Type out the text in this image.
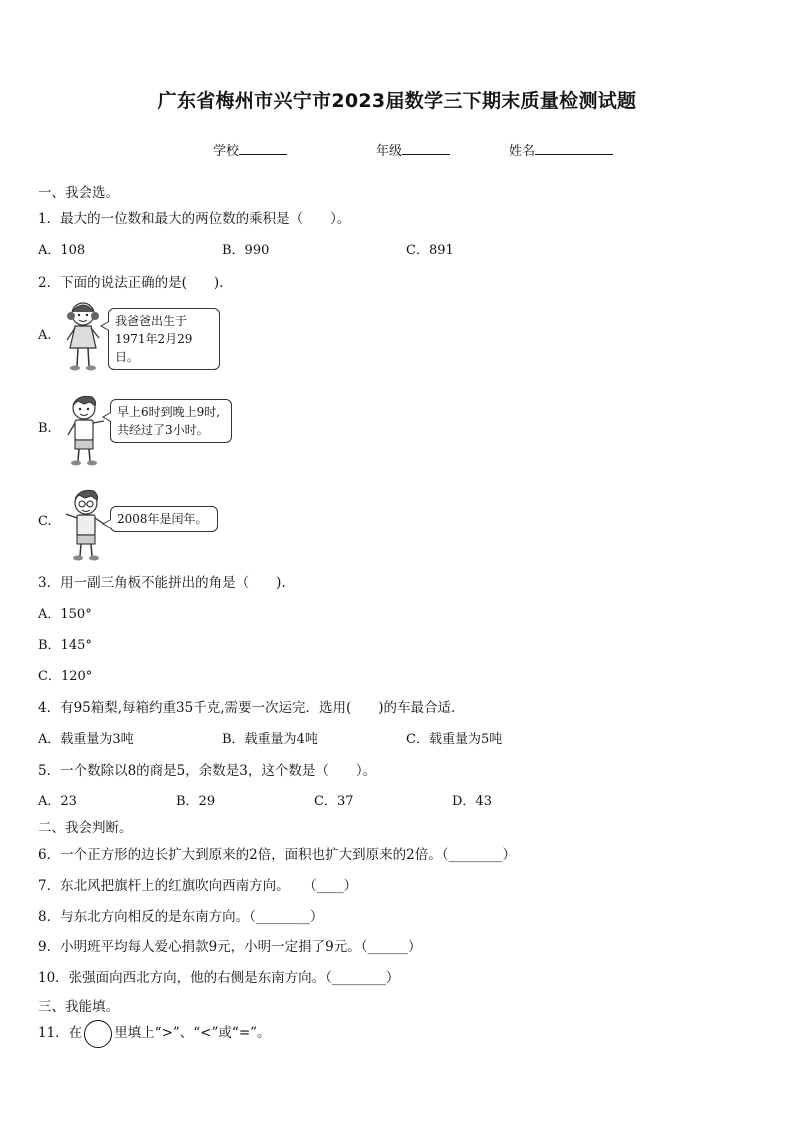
广东省梅州市兴宁市2023届数学三下期末质量检测试题
学校	年级	姓名
一、我会选。
1．最大的一位数和最大的两位数的乘积是（　　）。
A．108	B．990	C．891
2．下面的说法正确的是(　　).
A.
我爸爸出生于
1971年2月29日。
B.
早上6时到晚上9时,
共经过了3小时。
C.	2008年是闰年。
3．用一副三角板不能拼出的角是（　　).
A．150°
B．145°
C．120°
4．有95箱梨,每箱约重35千克,需要一次运完．选用(　　)的车最合适．
A．载重量为3吨	B．载重量为4吨	C．载重量为5吨
5．一个数除以8的商是5，余数是3，这个数是（　　）。
A．23	B．29	C．37	D．43
二、我会判断。
6．一个正方形的边长扩大到原来的2倍，面积也扩大到原来的2倍。（________）
7．东北风把旗杆上的红旗吹向西南方向。　　（____）
8．与东北方向相反的是东南方向。（________）
9．小明班平均每人爱心捐款9元，小明一定捐了9元。（______）
10．张强面向西北方向，他的右侧是东南方向。（________）
三、我能填。
11．在 里填上“>”、“<”或“=”。
